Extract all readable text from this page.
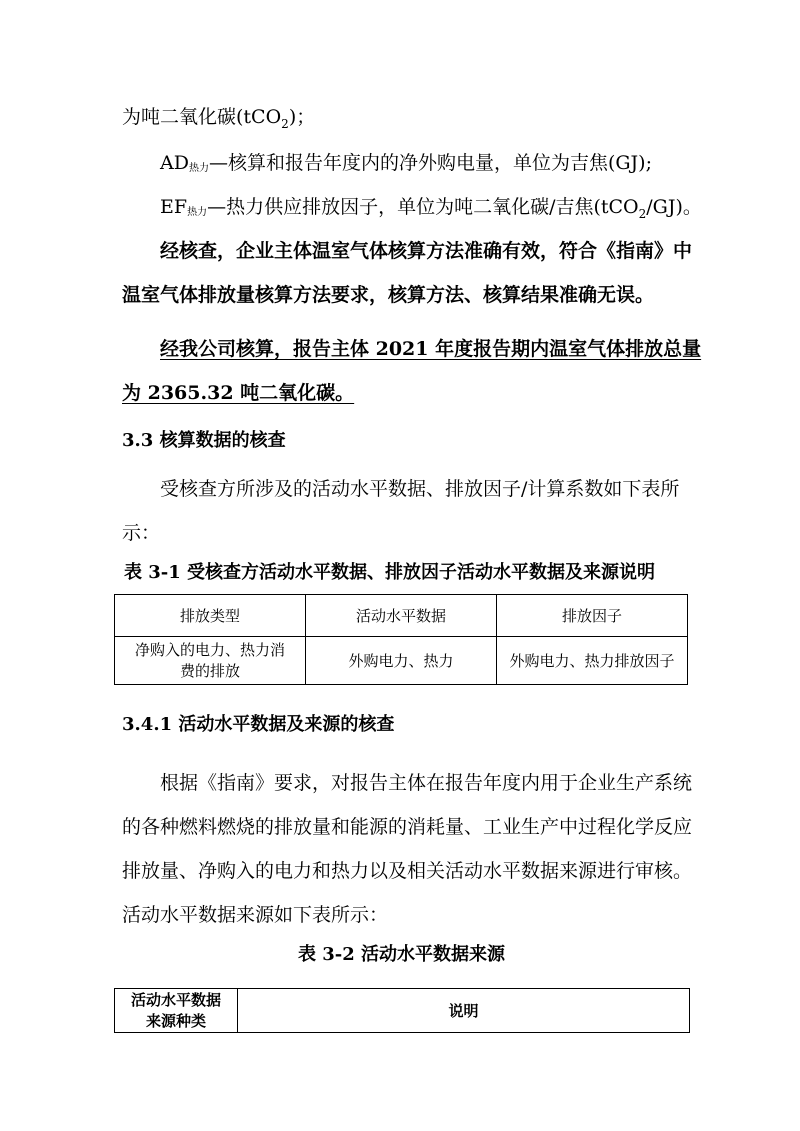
为吨二氧化碳(tCO$_2$)；
$AD_{热力}—$核算和报告年度内的净外购电量，单位为吉焦(GJ);
$EF_{热力}—$热力供应排放因子，单位为吨二氧化碳/吉焦(tCO$_2$/GJ)。
经核查，企业主体温室气体核算方法准确有效，符合《指南》中
温室气体排放量核算方法要求，核算方法、核算结果准确无误。
经我公司核算，报告主体 2021 年度报告期内温室气体排放总量
为 2365.32 吨二氧化碳。
3.3 核算数据的核查
受核查方所涉及的活动水平数据、排放因子/计算系数如下表所
示：
表 3-1 受核查方活动水平数据、排放因子活动水平数据及来源说明
排放类型	活动水平数据	排放因子

净购入的电力、热力消
费的排放	外购电力、热力	外购电力、热力排放因子
3.4.1 活动水平数据及来源的核查
根据《指南》要求，对报告主体在报告年度内用于企业生产系统
的各种燃料燃烧的排放量和能源的消耗量、工业生产中过程化学反应
排放量、净购入的电力和热力以及相关活动水平数据来源进行审核。
活动水平数据来源如下表所示：
表 3-2 活动水平数据来源
活动水平数据
来源种类
	说明
